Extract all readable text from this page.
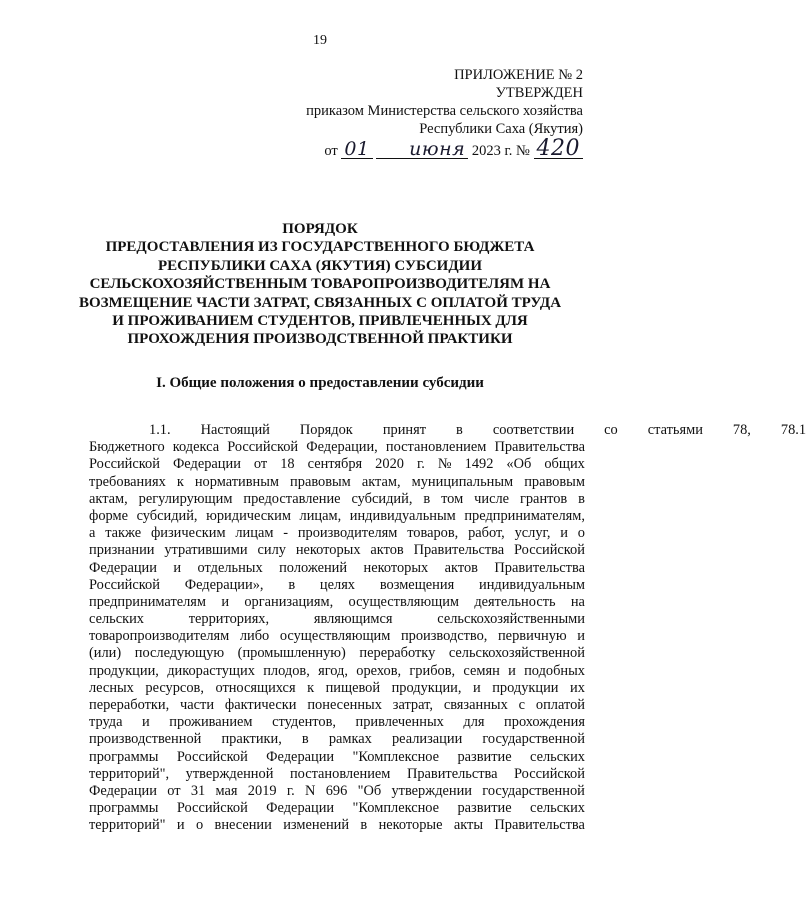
19
ПРИЛОЖЕНИЕ № 2
УТВЕРЖДЕН
приказом Министерства сельского хозяйства
Республики Саха (Якутия)
от 01 июня 2023 г. № 420
ПОРЯДОК
ПРЕДОСТАВЛЕНИЯ ИЗ ГОСУДАРСТВЕННОГО БЮДЖЕТА
РЕСПУБЛИКИ САХА (ЯКУТИЯ) СУБСИДИИ
СЕЛЬСКОХОЗЯЙСТВЕННЫМ ТОВАРОПРОИЗВОДИТЕЛЯМ НА
ВОЗМЕЩЕНИЕ ЧАСТИ ЗАТРАТ, СВЯЗАННЫХ С ОПЛАТОЙ ТРУДА
И ПРОЖИВАНИЕМ СТУДЕНТОВ, ПРИВЛЕЧЕННЫХ ДЛЯ
ПРОХОЖДЕНИЯ ПРОИЗВОДСТВЕННОЙ ПРАКТИКИ
I. Общие положения о предоставлении субсидии
1.1.	Настоящий	Порядок	принят	в	соответствии	со	статьями	78,	78.1
Бюджетного кодекса Российской Федерации, постановлением Правительства
Российской Федерации от 18 сентября 2020 г. № 1492 «Об общих
требованиях к нормативным правовым актам, муниципальным правовым
актам, регулирующим предоставление субсидий, в том числе грантов в
форме субсидий, юридическим лицам, индивидуальным предпринимателям,
а также физическим лицам - производителям товаров, работ, услуг, и о
признании утратившими силу некоторых актов Правительства Российской
Федерации и отдельных положений некоторых актов Правительства
Российской Федерации», в целях возмещения индивидуальным
предпринимателям и организациям, осуществляющим деятельность на
сельских	территориях,	являющимся	сельскохозяйственными
товаропроизводителям либо осуществляющим производство, первичную и
(или) последующую (промышленную) переработку сельскохозяйственной
продукции, дикорастущих плодов, ягод, орехов, грибов, семян и подобных
лесных ресурсов, относящихся к пищевой продукции, и продукции их
переработки, части фактически понесенных затрат, связанных с оплатой
труда и проживанием студентов, привлеченных для прохождения
производственной практики, в рамках реализации государственной
программы Российской Федерации "Комплексное развитие сельских
территорий", утвержденной постановлением Правительства Российской
Федерации от 31 мая 2019 г. N 696 "Об утверждении государственной
программы Российской Федерации "Комплексное развитие сельских
территорий" и о внесении изменений в некоторые акты Правительства
